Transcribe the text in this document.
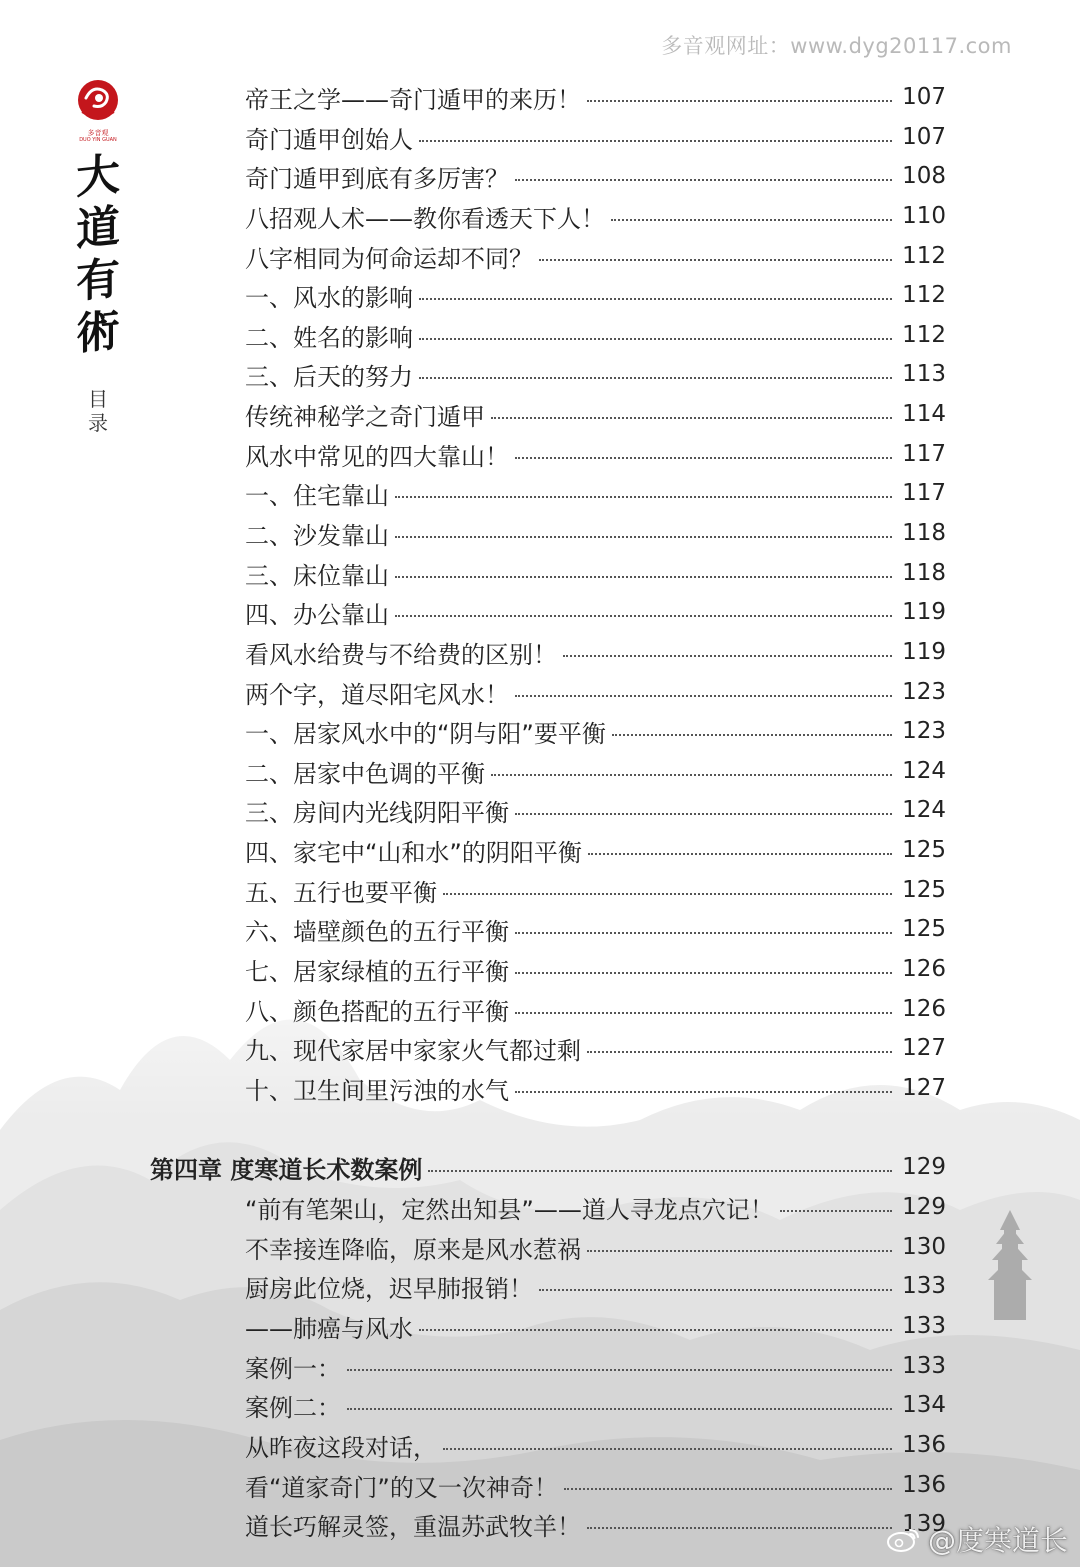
多音观网址：www.dyg20117.com
多音观
DUO YIN GUAN
大
道
有
術
目
录
帝王之学——奇门遁甲的来历！	107
奇门遁甲创始人	107
奇门遁甲到底有多厉害？	108
八招观人术——教你看透天下人！	110
八字相同为何命运却不同？	112
一、风水的影响	112
二、姓名的影响	112
三、后天的努力	113
传统神秘学之奇门遁甲	114
风水中常见的四大靠山！	117
一、住宅靠山	117
二、沙发靠山	118
三、床位靠山	118
四、办公靠山	119
看风水给费与不给费的区别！	119
两个字，道尽阳宅风水！	123
一、居家风水中的“阴与阳”要平衡	123
二、居家中色调的平衡	124
三、房间内光线阴阳平衡	124
四、家宅中“山和水”的阴阳平衡	125
五、五行也要平衡	125
六、墙壁颜色的五行平衡	125
七、居家绿植的五行平衡	126
八、颜色搭配的五行平衡	126
九、现代家居中家家火气都过剩	127
十、卫生间里污浊的水气	127
第四章 度寒道长术数案例	129
“前有笔架山，定然出知县”——道人寻龙点穴记！	129
不幸接连降临，原来是风水惹祸	130
厨房此位烧，迟早肺报销！	133
——肺癌与风水	133
案例一：	133
案例二：	134
从昨夜这段对话，	136
看“道家奇门”的又一次神奇！	136
道长巧解灵签，重温苏武牧羊！	139
@度寒道长
